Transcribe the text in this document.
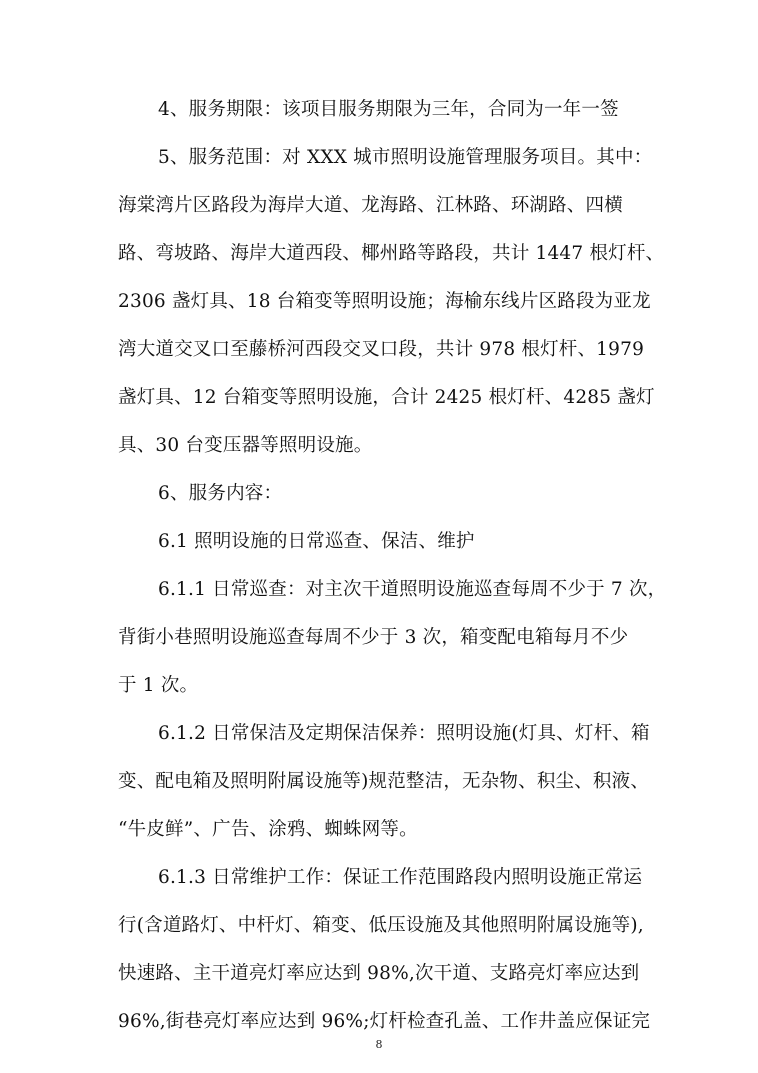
4、服务期限：该项目服务期限为三年，合同为一年一签
5、服务范围：对 XXX 城市照明设施管理服务项目。其中：
海棠湾片区路段为海岸大道、龙海路、江林路、环湖路、四横
路、弯坡路、海岸大道西段、椰州路等路段，共计 1447 根灯杆、
2306 盏灯具、18 台箱变等照明设施；海榆东线片区路段为亚龙
湾大道交叉口至藤桥河西段交叉口段，共计 978 根灯杆、1979
盏灯具、12 台箱变等照明设施，合计 2425 根灯杆、4285 盏灯
具、30 台变压器等照明设施。
6、服务内容：
6.1 照明设施的日常巡查、保洁、维护
6.1.1 日常巡查：对主次干道照明设施巡查每周不少于 7 次，
背街小巷照明设施巡查每周不少于 3 次，箱变配电箱每月不少
于 1 次。
6.1.2 日常保洁及定期保洁保养：照明设施(灯具、灯杆、箱
变、配电箱及照明附属设施等)规范整洁，无杂物、积尘、积液、
“牛皮鲜”、广告、涂鸦、蜘蛛网等。
6.1.3 日常维护工作：保证工作范围路段内照明设施正常运
行(含道路灯、中杆灯、箱变、低压设施及其他照明附属设施等),
快速路、主干道亮灯率应达到 98%,次干道、支路亮灯率应达到
96%,街巷亮灯率应达到 96%;灯杆检查孔盖、工作井盖应保证完
8
